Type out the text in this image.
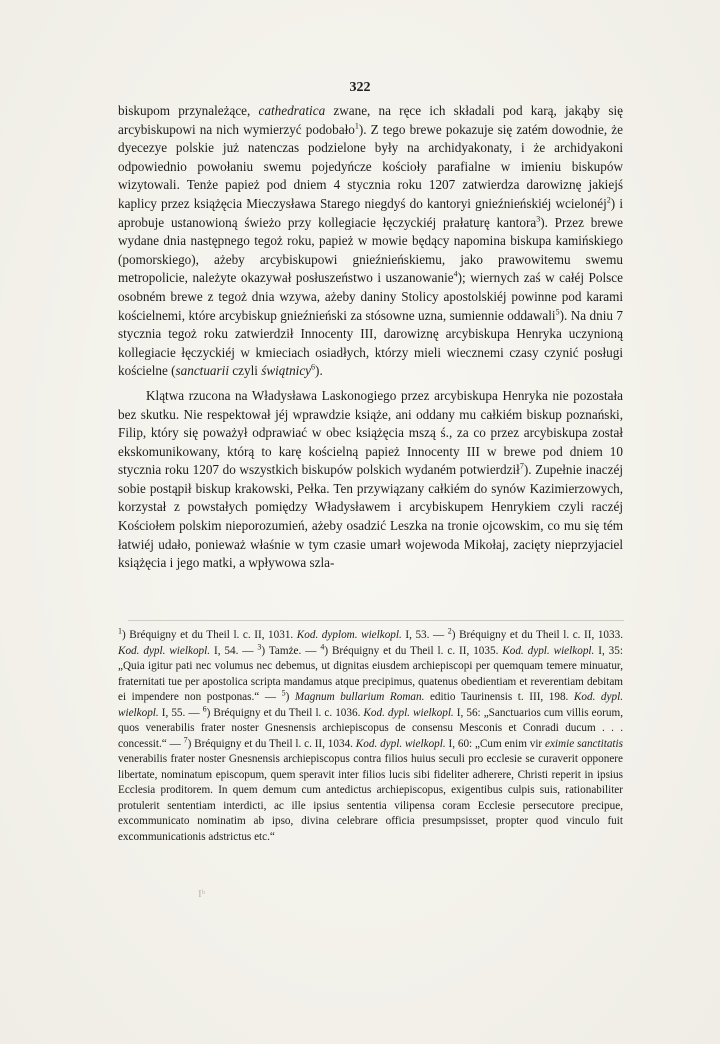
322

biskupom przynależące, cathedratica zwane, na ręce ich składali pod karą, jakąby się arcybiskupowi na nich wymierzyć podobało$^1$). Z tego brewe pokazuje się zatém dowodnie, że dyecezye polskie już natenczas podzielone były na archidyakonaty, i że archidyakoni odpowiednio powołaniu swemu pojedyńcze kościoły parafialne w imieniu biskupów wizytowali. Tenże papież pod dniem 4 stycznia roku 1207 zatwierdza darowiznę jakiejś kaplicy przez książęcia Mieczysława Starego niegdyś do kantoryi gnieźnieńskiéj wcielonéj$^2$) i aprobuje ustanowioną świeżo przy kollegiacie łęczyckiéj prałaturę kantora$^3$). Przez brewe wydane dnia następnego tegoż roku, papież w mowie będący napomina biskupa kamińskiego (pomorskiego), ażeby arcybiskupowi gnieźnieńskiemu, jako prawowitemu swemu metropolicie, należyte okazywał posłuszeństwo i uszanowanie$^4$); wiernych zaś w całéj Polsce osobném brewe z tegoż dnia wzywa, ażeby daniny Stolicy apostolskiéj powinne pod karami kościelnemi, które arcybiskup gnieźnieński za stósowne uzna, sumiennie oddawali$^5$). Na dniu 7 stycznia tegoż roku zatwierdził Innocenty III, darowiznę arcybiskupa Henryka uczynioną kollegiacie łęczyckiéj w kmieciach osiadłych, którzy mieli wiecznemi czasy czynić posługi kościelne (sanctuarii czyli świątnicy$^6$).

Klątwa rzucona na Władysława Laskonogiego przez arcybiskupa Henryka nie pozostała bez skutku. Nie respektował jéj wprawdzie książe, ani oddany mu całkiém biskup poznański, Filip, który się poważył odprawiać w obec książęcia mszą ś., za co przez arcybiskupa został ekskomunikowany, którą to karę kościelną papież Innocenty III w brewe pod dniem 10 stycznia roku 1207 do wszystkich biskupów polskich wydaném potwierdził$^7$). Zupełnie inaczéj sobie postąpił biskup krakowski, Pełka. Ten przywiązany całkiém do synów Kazimierzowych, korzystał z powstałych pomiędzy Władysławem i arcybiskupem Henrykiem czyli raczéj Kościołem polskim nieporozumień, ażeby osadzić Leszka na tronie ojcowskim, co mu się tém łatwiéj udało, ponieważ właśnie w tym czasie umarł wojewoda Mikołaj, zacięty nieprzyjaciel książęcia i jego matki, a wpływowa szla-

$^1$) Bréquigny et du Theil l. c. II, 1031. Kod. dyplom. wielkopl. I, 53. — $^2$) Bréquigny et du Theil l. c. II, 1033. Kod. dypl. wielkopl. I, 54. — $^3$) Tamże. — $^4$) Bréquigny et du Theil l. c. II, 1035. Kod. dypl. wielkopl. I, 35: „Quia igitur pati nec volumus nec debemus, ut dignitas eiusdem archiepiscopi per quemquam temere minuatur, fraternitati tue per apostolica scripta mandamus atque precipimus, quatenus obedientiam et reverentiam debitam ei impendere non postponas.“ — $^5$) Magnum bullarium Roman. editio Taurinensis t. III, 198. Kod. dypl. wielkopl. I, 55. — $^6$) Bréquigny et du Theil l. c. 1036. Kod. dypl. wielkopl. I, 56: „Sanctuarios cum villis eorum, quos venerabilis frater noster Gnesnensis archiepiscopus de consensu Mesconis et Conradi ducum . . . concessit.“ — $^7$) Bréquigny et du Theil l. c. II, 1034. Kod. dypl. wielkopl. I, 60: „Cum enim vir eximie sanctitatis venerabilis frater noster Gnesnensis archiepiscopus contra filios huius seculi pro ecclesie se curaverit opponere libertate, nominatum episcopum, quem speravit inter filios lucis sibi fideliter adherere, Christi reperit in ipsius Ecclesia proditorem. In quem demum cum antedictus archiepiscopus, exigentibus culpis suis, rationabiliter protulerit sententiam interdicti, ac ille ipsius sententia vilipensa coram Ecclesie persecutore precipue, excommunicato nominatim ab ipso, divina celebrare officia presumpsisset, propter quod vinculo fuit excommunicationis adstrictus etc.“

Iᵇ
